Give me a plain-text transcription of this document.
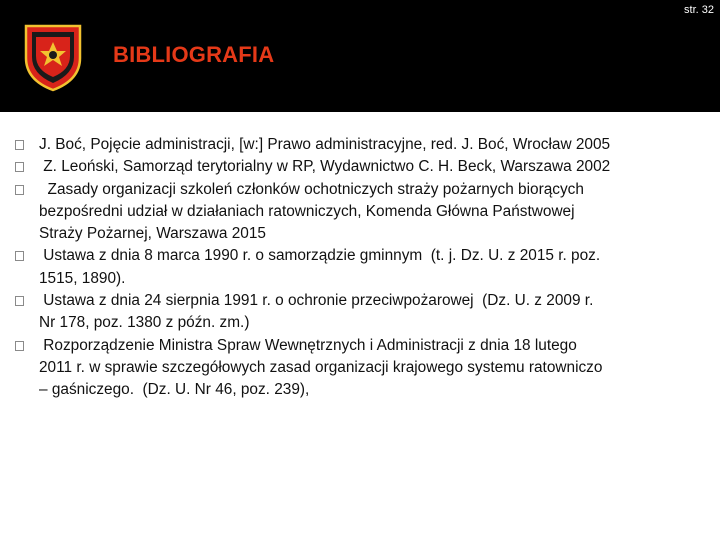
str. 32
BIBLIOGRAFIA
J. Boć, Pojęcie administracji, [w:] Prawo administracyjne, red. J. Boć, Wrocław 2005
Z. Leoński, Samorząd terytorialny w RP, Wydawnictwo C. H. Beck, Warszawa 2002
Zasady organizacji szkoleń członków ochotniczych straży pożarnych biorących
bezpośredni udział w działaniach ratowniczych, Komenda Główna Państwowej
Straży Pożarnej, Warszawa 2015
Ustawa z dnia 8 marca 1990 r. o samorządzie gminnym  (t. j. Dz. U. z 2015 r. poz.
1515, 1890).
Ustawa z dnia 24 sierpnia 1991 r. o ochronie przeciwpożarowej  (Dz. U. z 2009 r.
Nr 178, poz. 1380 z późn. zm.)
Rozporządzenie Ministra Spraw Wewnętrznych i Administracji z dnia 18 lutego
2011 r. w sprawie szczegółowych zasad organizacji krajowego systemu ratowniczo
– gaśniczego.  (Dz. U. Nr 46, poz. 239),
